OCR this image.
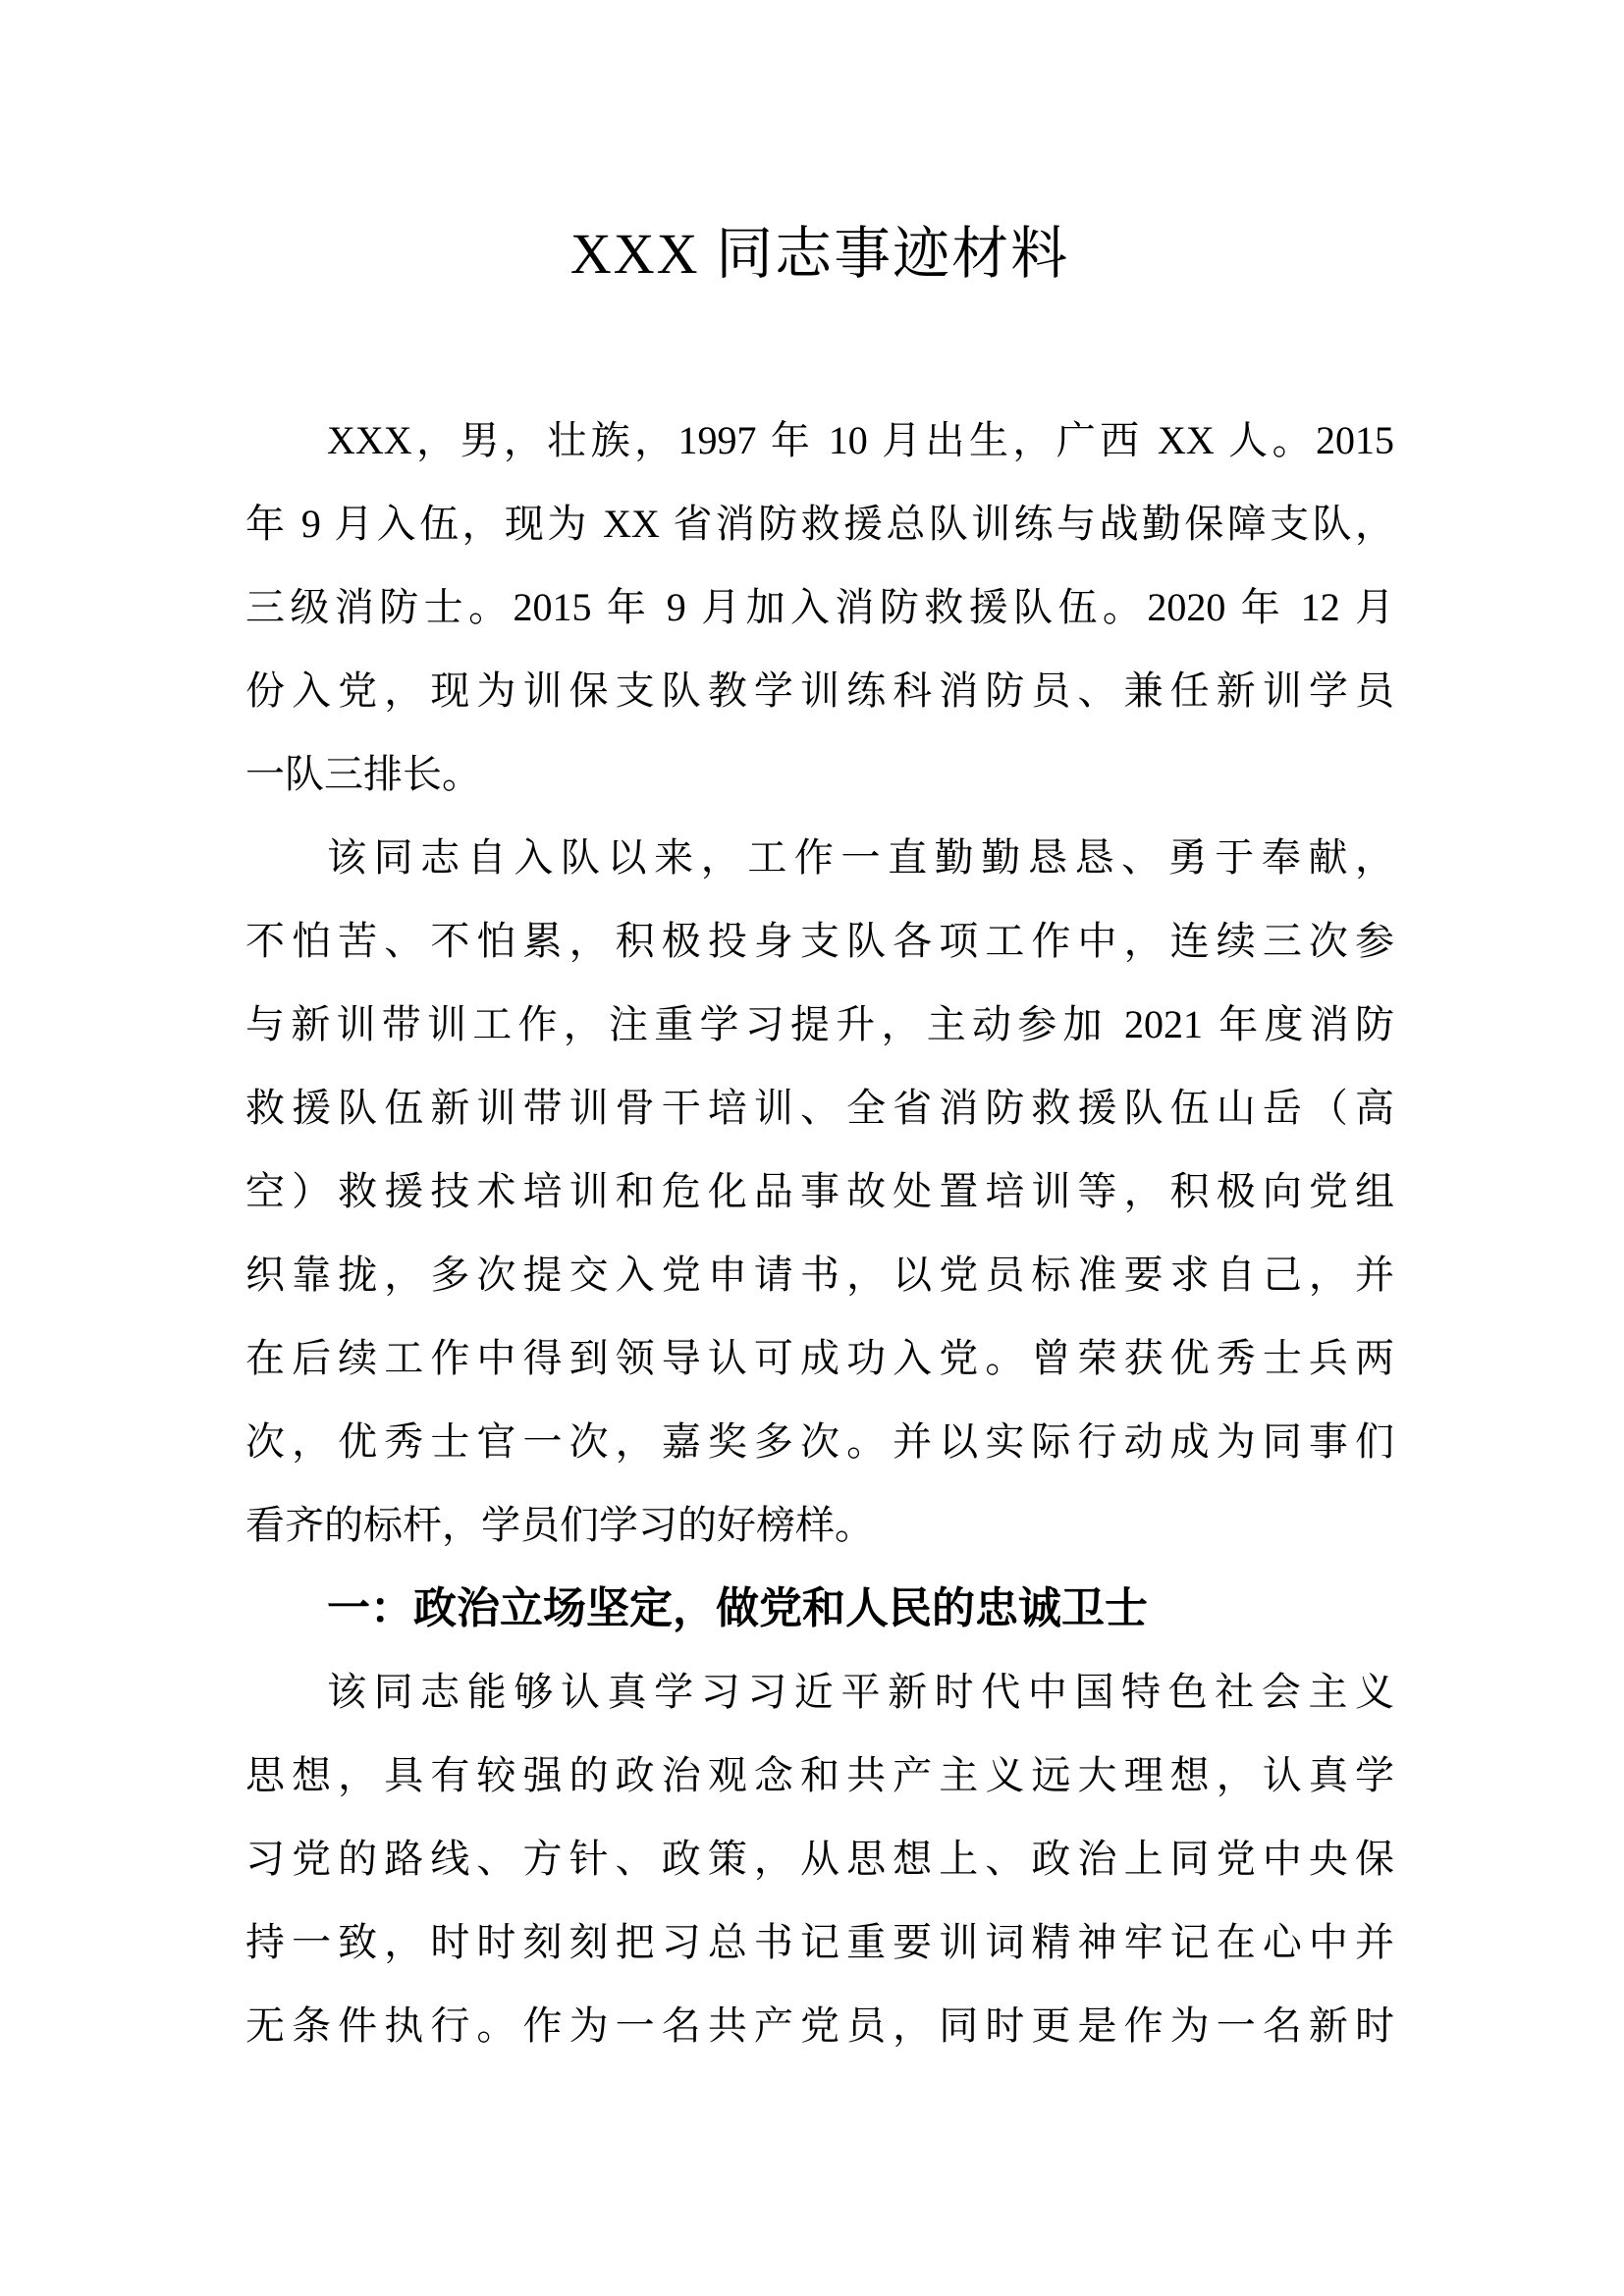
XXX 同志事迹材料

XXX，男，壮族，1997 年 10 月出生，广西 XX 人。2015
年 9 月入伍，现为 XX 省消防救援总队训练与战勤保障支队，
三级消防士。2015 年 9 月加入消防救援队伍。2020 年 12 月
份入党，现为训保支队教学训练科消防员、兼任新训学员
一队三排长。

该同志自入队以来，工作一直勤勤恳恳、勇于奉献，
不怕苦、不怕累，积极投身支队各项工作中，连续三次参
与新训带训工作，注重学习提升，主动参加 2021 年度消防
救援队伍新训带训骨干培训、全省消防救援队伍山岳（高
空）救援技术培训和危化品事故处置培训等，积极向党组
织靠拢，多次提交入党申请书，以党员标准要求自己，并
在后续工作中得到领导认可成功入党。曾荣获优秀士兵两
次，优秀士官一次，嘉奖多次。并以实际行动成为同事们
看齐的标杆，学员们学习的好榜样。

一：政治立场坚定，做党和人民的忠诚卫士

该同志能够认真学习习近平新时代中国特色社会主义
思想，具有较强的政治观念和共产主义远大理想，认真学
习党的路线、方针、政策，从思想上、政治上同党中央保
持一致，时时刻刻把习总书记重要训词精神牢记在心中并
无条件执行。作为一名共产党员，同时更是作为一名新时
